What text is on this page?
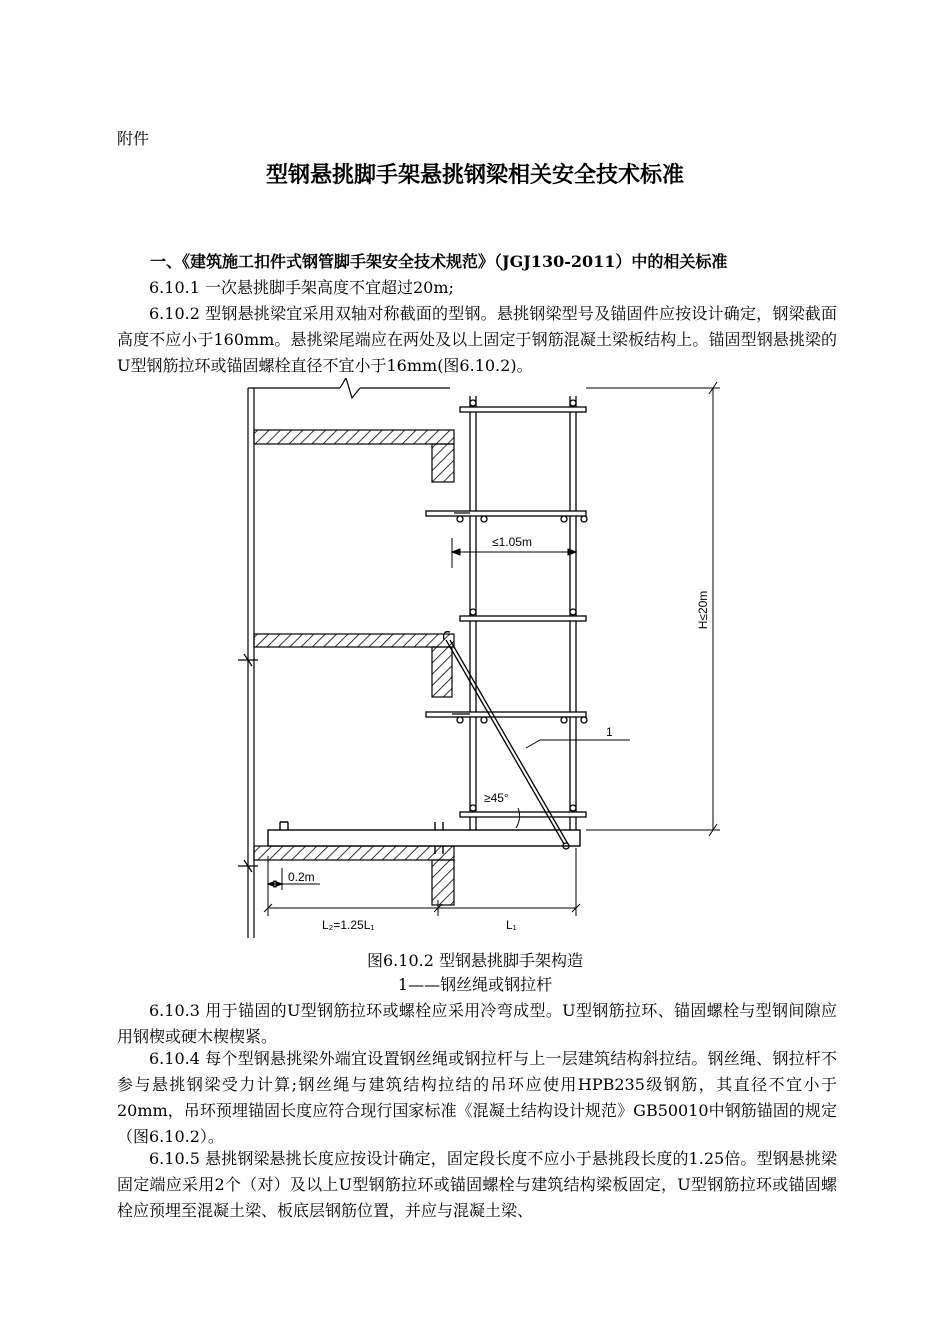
附件
型钢悬挑脚手架悬挑钢梁相关安全技术标准
一、《建筑施工扣件式钢管脚手架安全技术规范》（JGJ130-2011）中的相关标准

6.10.1 一次悬挑脚手架高度不宜超过20m;

6.10.2 型钢悬挑梁宜采用双轴对称截面的型钢。悬挑钢梁型号及锚固件应按设计确定，钢梁截面高度不应小于160mm。悬挑梁尾端应在两处及以上固定于钢筋混凝土梁板结构上。锚固型钢悬挑梁的U型钢筋拉环或锚固螺栓直径不宜小于16mm(图6.10.2)。

≤1.05m
H≤20m
1
≥45°
0.2m
L₂=1.25L₁	L₁
图6.10.2 型钢悬挑脚手架构造
1——钢丝绳或钢拉杆

6.10.3 用于锚固的U型钢筋拉环或螺栓应采用冷弯成型。U型钢筋拉环、锚固螺栓与型钢间隙应用钢楔或硬木楔楔紧。

6.10.4 每个型钢悬挑梁外端宜设置钢丝绳或钢拉杆与上一层建筑结构斜拉结。钢丝绳、钢拉杆不参与悬挑钢梁受力计算;钢丝绳与建筑结构拉结的吊环应使用HPB235级钢筋，其直径不宜小于20mm，吊环预埋锚固长度应符合现行国家标准《混凝土结构设计规范》GB50010中钢筋锚固的规定（图6.10.2）。

6.10.5 悬挑钢梁悬挑长度应按设计确定，固定段长度不应小于悬挑段长度的1.25倍。型钢悬挑梁固定端应采用2个（对）及以上U型钢筋拉环或锚固螺栓与建筑结构梁板固定，U型钢筋拉环或锚固螺栓应预埋至混凝土梁、板底层钢筋位置，并应与混凝土梁、
